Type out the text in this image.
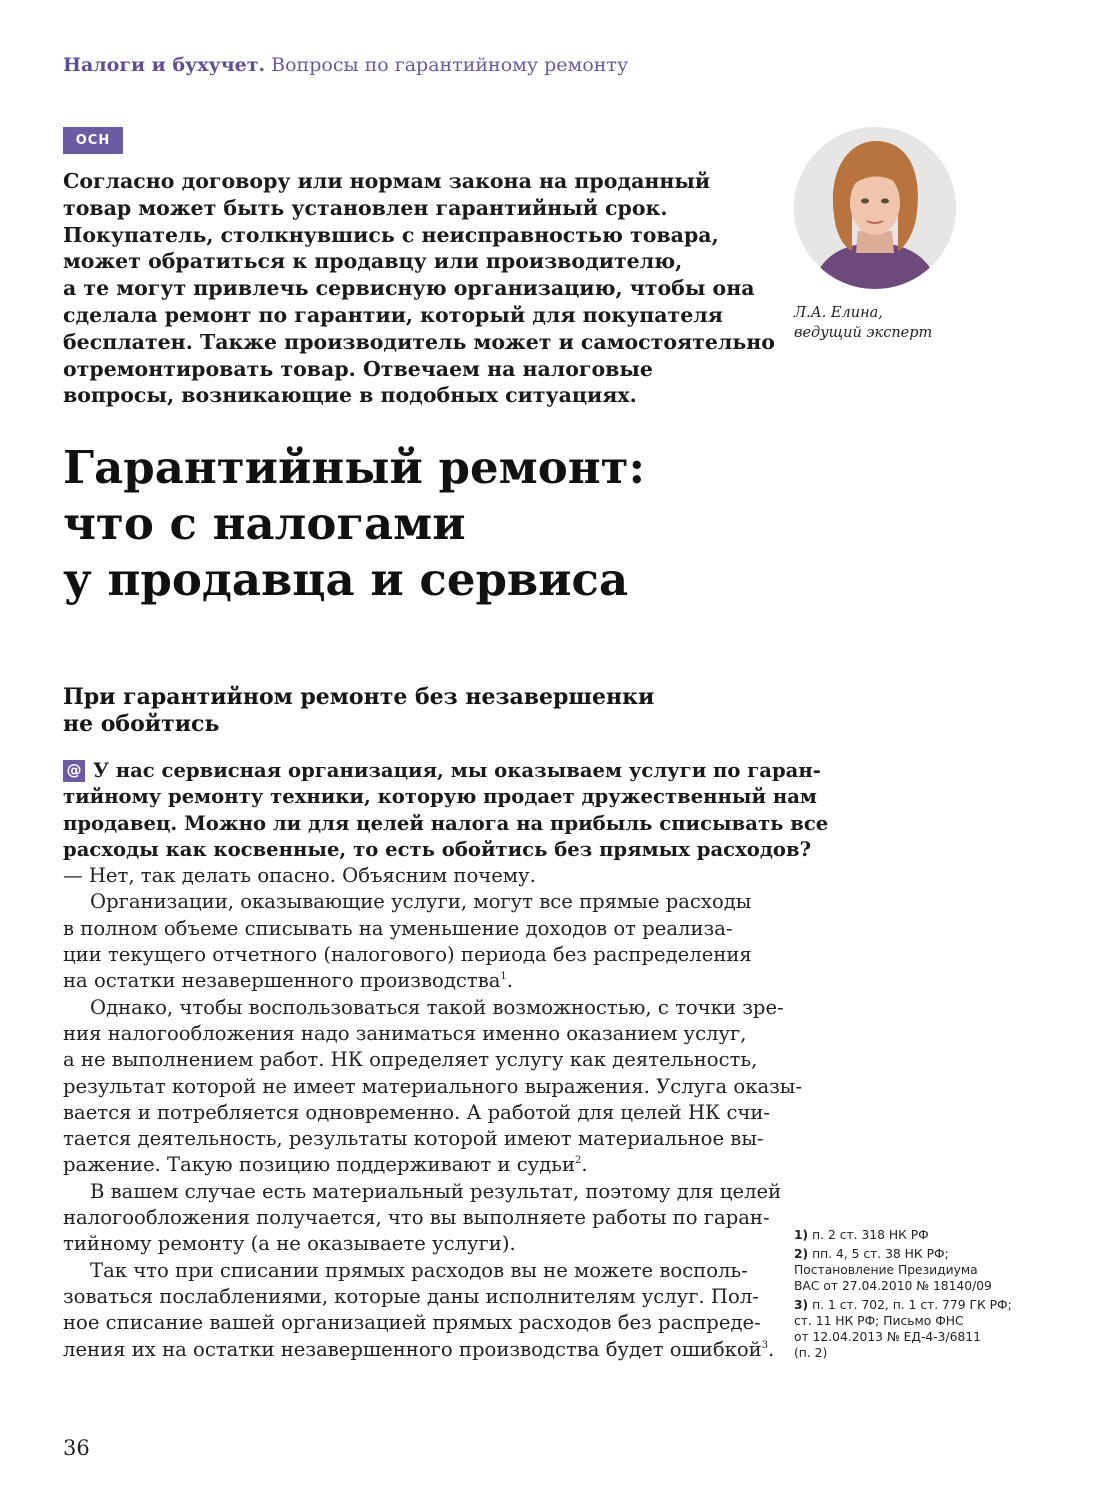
Налоги и бухучет. Вопросы по гарантийному ремонту
ОСН
Согласно договору или нормам закона на проданный
товар может быть установлен гарантийный срок.
Покупатель, столкнувшись с неисправностью товара,
может обратиться к продавцу или производителю,
а те могут привлечь сервисную организацию, чтобы она
сделала ремонт по гарантии, который для покупателя
бесплатен. Также производитель может и самостоятельно
отремонтировать товар. Отвечаем на налоговые
вопросы, возникающие в подобных ситуациях.
Л.А. Елина,
ведущий эксперт
Гарантийный ремонт:
что с налогами
у продавца и сервиса
При гарантийном ремонте без незавершенки
не обойтись
@ У нас сервисная организация, мы оказываем услуги по гаран-
тийному ремонту техники, которую продает дружественный нам
продавец. Можно ли для целей налога на прибыль списывать все
расходы как косвенные, то есть обойтись без прямых расходов?
— Нет, так делать опасно. Объясним почему.
Организации, оказывающие услуги, могут все прямые расходы
в полном объеме списывать на уменьшение доходов от реализа-
ции текущего отчетного (налогового) периода без распределения
на остатки незавершенного производства$^1$.
Однако, чтобы воспользоваться такой возможностью, с точки зре-
ния налогообложения надо заниматься именно оказанием услуг,
а не выполнением работ. НК определяет услугу как деятельность,
результат которой не имеет материального выражения. Услуга оказы-
вается и потребляется одновременно. А работой для целей НК счи-
тается деятельность, результаты которой имеют материальное вы-
ражение. Такую позицию поддерживают и судьи$^2$.
В вашем случае есть материальный результат, поэтому для целей
налогообложения получается, что вы выполняете работы по гаран-
тийному ремонту (а не оказываете услуги).
Так что при списании прямых расходов вы не можете восполь-
зоваться послаблениями, которые даны исполнителям услуг. Пол-
ное списание вашей организацией прямых расходов без распреде-
ления их на остатки незавершенного производства будет ошибкой$^3$.
1) п. 2 ст. 318 НК РФ
2) пп. 4, 5 ст. 38 НК РФ;
Постановление Президиума
ВАС от 27.04.2010 № 18140/09
3) п. 1 ст. 702, п. 1 ст. 779 ГК РФ;
ст. 11 НК РФ; Письмо ФНС
от 12.04.2013 № ЕД-4-3/6811
(п. 2)
36
